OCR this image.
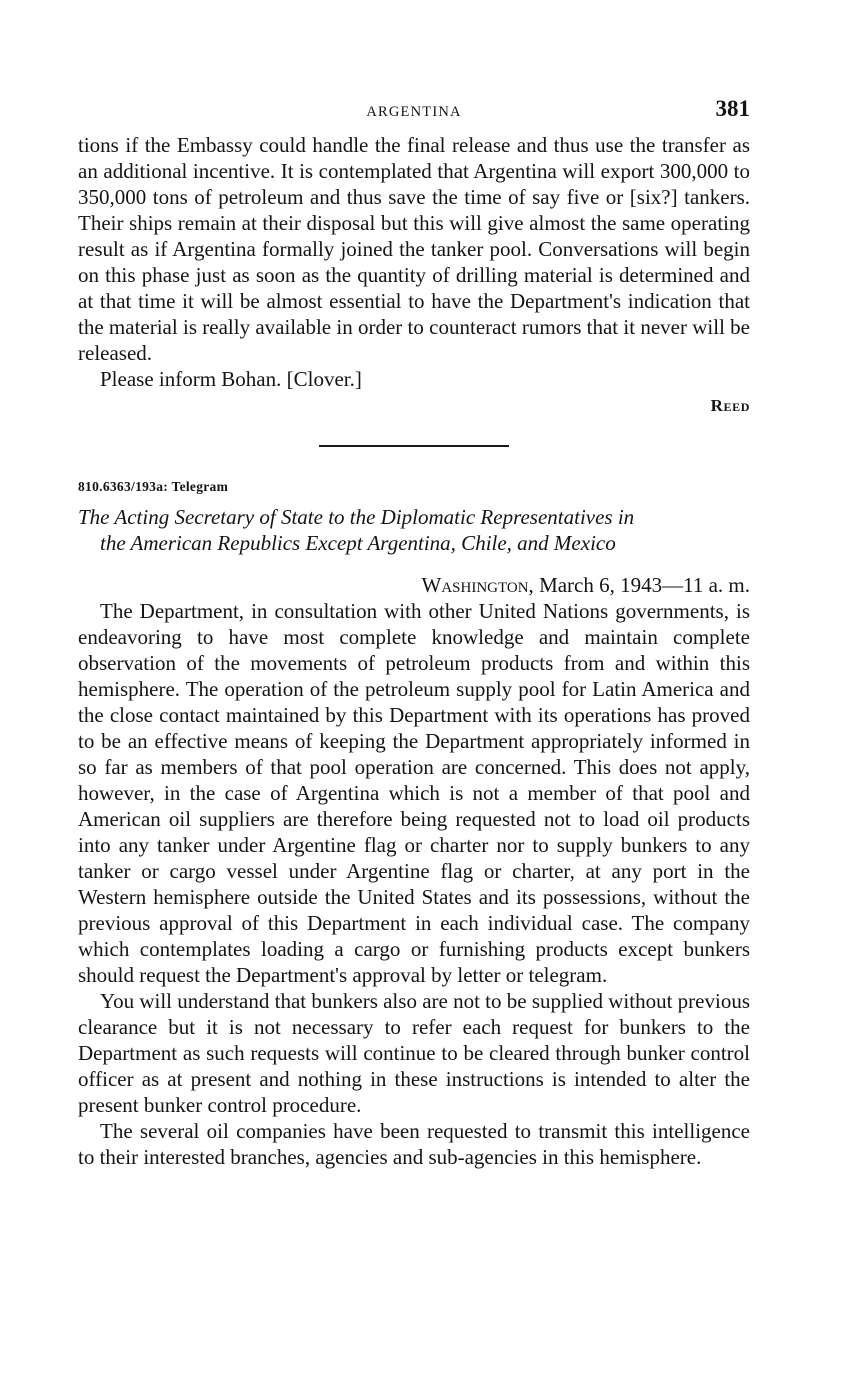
ARGENTINA	381

tions if the Embassy could handle the final release and thus use the transfer as an additional incentive. It is contemplated that Argentina will export 300,000 to 350,000 tons of petroleum and thus save the time of say five or [six?] tankers. Their ships remain at their disposal but this will give almost the same operating result as if Argentina formally joined the tanker pool. Conversations will begin on this phase just as soon as the quantity of drilling material is determined and at that time it will be almost essential to have the Department's indication that the material is really available in order to counteract rumors that it never will be released.

Please inform Bohan. [Clover.]

Reed
810.6363/193a: Telegram
The Acting Secretary of State to the Diplomatic Representatives in
the American Republics Except Argentina, Chile, and Mexico
Washington, March 6, 1943—11 a. m.

The Department, in consultation with other United Nations governments, is endeavoring to have most complete knowledge and maintain complete observation of the movements of petroleum products from and within this hemisphere. The operation of the petroleum supply pool for Latin America and the close contact maintained by this Department with its operations has proved to be an effective means of keeping the Department appropriately informed in so far as members of that pool operation are concerned. This does not apply, however, in the case of Argentina which is not a member of that pool and American oil suppliers are therefore being requested not to load oil products into any tanker under Argentine flag or charter nor to supply bunkers to any tanker or cargo vessel under Argentine flag or charter, at any port in the Western hemisphere outside the United States and its possessions, without the previous approval of this Department in each individual case. The company which contemplates loading a cargo or furnishing products except bunkers should request the Department's approval by letter or telegram.

You will understand that bunkers also are not to be supplied without previous clearance but it is not necessary to refer each request for bunkers to the Department as such requests will continue to be cleared through bunker control officer as at present and nothing in these instructions is intended to alter the present bunker control procedure.

The several oil companies have been requested to transmit this intelligence to their interested branches, agencies and sub-agencies in this hemisphere.
